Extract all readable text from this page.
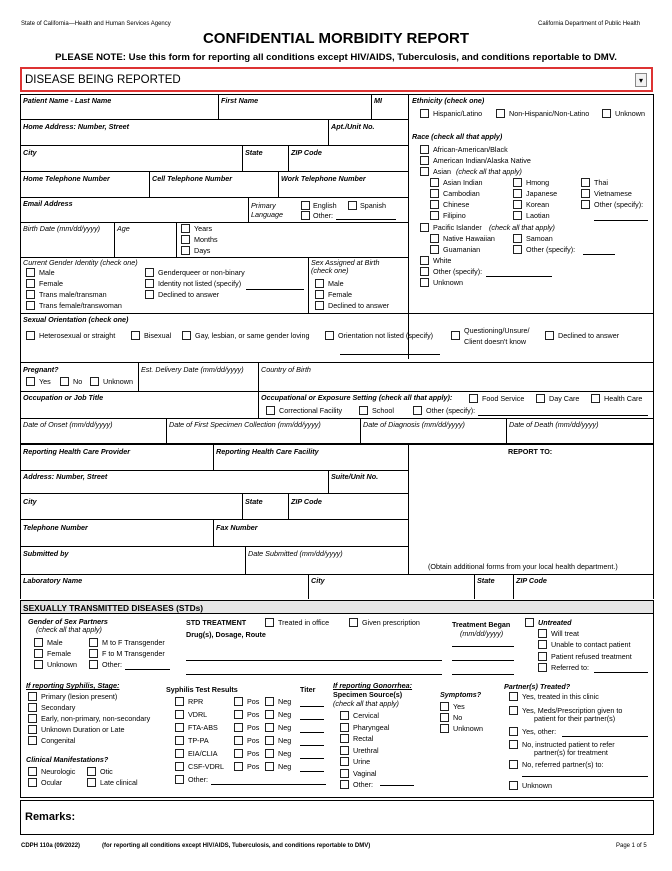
State of California—Health and Human Services Agency	California Department of Public Health
CONFIDENTIAL MORBIDITY REPORT
PLEASE NOTE: Use this form for reporting all conditions except HIV/AIDS, Tuberculosis, and conditions reportable to DMV.
DISEASE BEING REPORTED	▾
Patient Name - Last Name	First Name	MI
Home Address: Number, Street	Apt./Unit No.
City	State	ZIP Code
Home Telephone Number	Cell Telephone Number	Work Telephone Number
Email Address	Primary Language
English	Spanish
Other:
Birth Date (mm/dd/yyyy) Age	Years
Months
Days
Current Gender Identity (check one)
Male
Female
Trans male/transman
Trans female/transwoman
Genderqueer or non-binary
Identity not listed (specify)
Declined to answer
Sex Assigned at Birth
(check one)
Male
Female
Declined to answer
Ethnicity (check one)
Hispanic/Latino	Non-Hispanic/Non-Latino	Unknown
Race (check all that apply)
African-American/Black
American Indian/Alaska Native
Asian (check all that apply)
Asian Indian	Hmong	Thai
Cambodian	Japanese	Vietnamese
Chinese	Korean	Other (specify):
Filipino	Laotian
Pacific Islander (check all that apply)
Native Hawaiian	Samoan
Guamanian	Other (specify):
White
Other (specify):
Unknown
Sexual Orientation (check one)
Heterosexual or straight	Bisexual	Gay, lesbian, or same gender loving	Orientation not listed (specify)
Questioning/Unsure/
Client doesn't know
Declined to answer
Pregnant?
Yes	No	Unknown
Est. Delivery Date (mm/dd/yyyy) Country of Birth
Occupation or Job Title	Occupational or Exposure Setting (check all that apply):	Food Service	Day Care	Health Care
Correctional Facility	School	Other (specify):
Date of Onset (mm/dd/yyyy)	Date of First Specimen Collection (mm/dd/yyyy)	Date of Diagnosis (mm/dd/yyyy)	Date of Death (mm/dd/yyyy)
Reporting Health Care Provider	Reporting Health Care Facility	REPORT TO:
Address: Number, Street	Suite/Unit No.
City	State	ZIP Code
Telephone Number	Fax Number
Submitted by	Date Submitted (mm/dd/yyyy)
(Obtain additional forms from your local health department.)
Laboratory Name	City	State	ZIP Code
SEXUALLY TRANSMITTED DISEASES (STDs)
Gender of Sex Partners
(check all that apply)
Male
Female
Unknown
M to F Transgender
F to M Transgender
Other:
STD TREATMENT	Treated in office	Given prescription
Drug(s), Dosage, Route
Treatment Began
(mm/dd/yyyy)
Untreated
Will treat
Unable to contact patient
Patient refused treatment
Referred to:
If reporting Syphilis, Stage:
Primary (lesion present)
Secondary
Early, non-primary, non-secondary
Unknown Duration or Late
Congenital
Clinical Manifestations?
Neurologic	Otic
Ocular	Late clinical
Syphilis Test Results	Titer
RPR	Pos	Neg
VDRL	Pos	Neg
FTA-ABS	Pos	Neg
TP-PA	Pos	Neg
EIA/CLIA	Pos	Neg
CSF-VDRL	Pos	Neg
Other:
If reporting Gonorrhea:
Specimen Source(s)
(check all that apply)
Cervical
Pharyngeal
Rectal
Urethral
Urine
Vaginal
Other:
Symptoms?
Yes
No
Unknown
Partner(s) Treated?
Yes, treated in this clinic
Yes, Meds/Prescription given to
patient for their partner(s)
Yes, other:
No, instructed patient to refer
partner(s) for treatment
No, referred partner(s) to:
Unknown
Remarks:
CDPH 110a (09/2022)	(for reporting all conditions except HIV/AIDS, Tuberculosis, and conditions reportable to DMV)	Page 1 of 5
